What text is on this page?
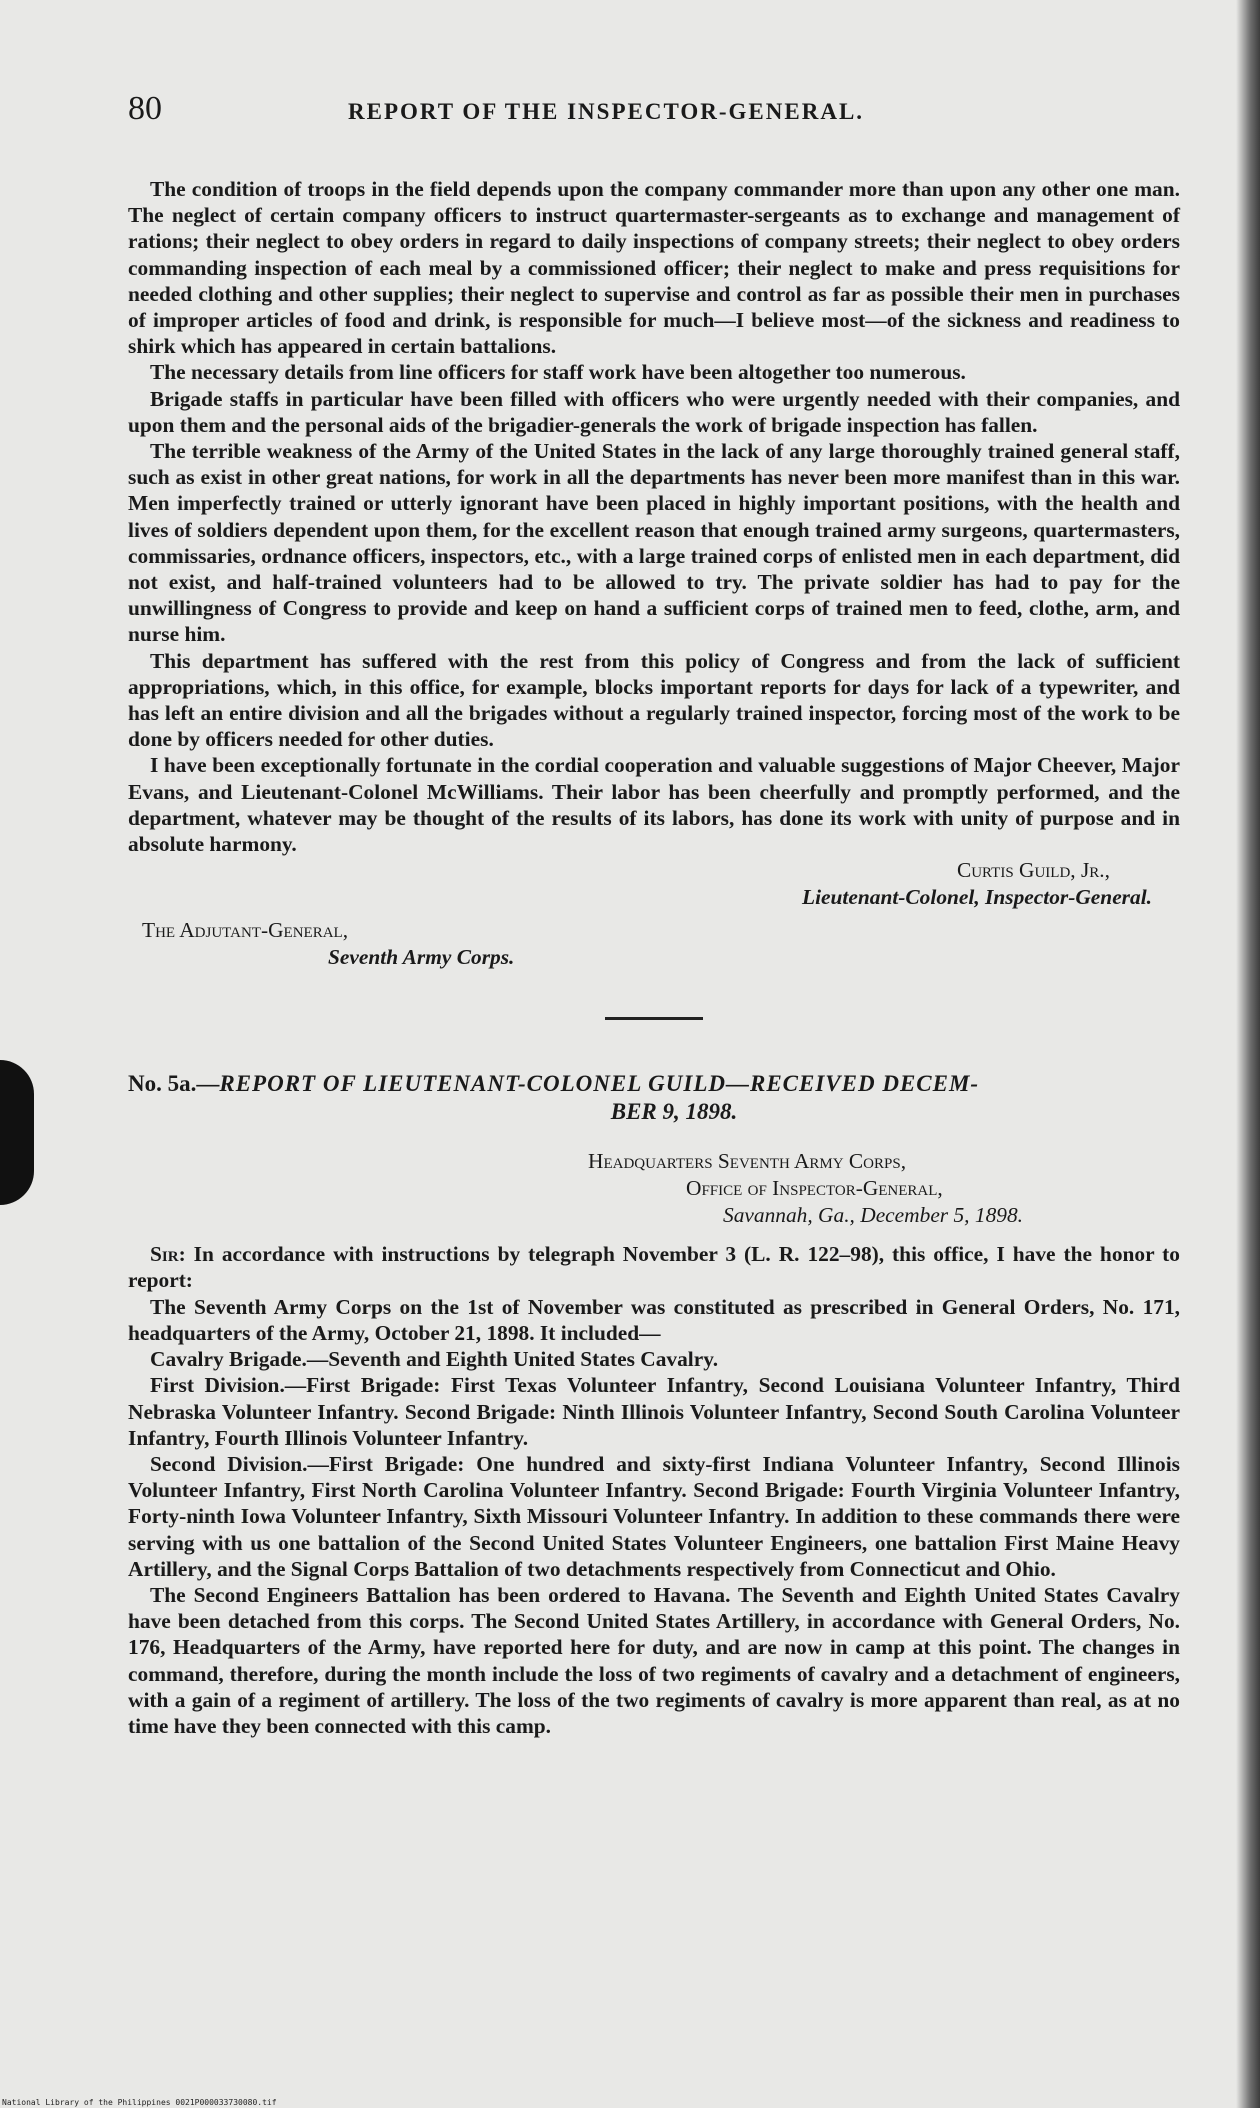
80	REPORT OF THE INSPECTOR-GENERAL.

The condition of troops in the field depends upon the company commander more than upon any other one man. The neglect of certain company officers to instruct quartermaster-sergeants as to exchange and management of rations; their neglect to obey orders in regard to daily inspections of company streets; their neglect to obey orders commanding inspection of each meal by a commissioned officer; their neglect to make and press requisitions for needed clothing and other supplies; their neglect to supervise and control as far as possible their men in purchases of improper articles of food and drink, is responsible for much—I believe most—of the sickness and readiness to shirk which has appeared in certain battalions.

The necessary details from line officers for staff work have been altogether too numerous.

Brigade staffs in particular have been filled with officers who were urgently needed with their companies, and upon them and the personal aids of the brigadier-generals the work of brigade inspection has fallen.

The terrible weakness of the Army of the United States in the lack of any large thoroughly trained general staff, such as exist in other great nations, for work in all the departments has never been more manifest than in this war. Men imperfectly trained or utterly ignorant have been placed in highly important positions, with the health and lives of soldiers dependent upon them, for the excellent reason that enough trained army surgeons, quartermasters, commissaries, ordnance officers, inspectors, etc., with a large trained corps of enlisted men in each department, did not exist, and half-trained volunteers had to be allowed to try. The private soldier has had to pay for the unwillingness of Congress to provide and keep on hand a sufficient corps of trained men to feed, clothe, arm, and nurse him.

This department has suffered with the rest from this policy of Congress and from the lack of sufficient appropriations, which, in this office, for example, blocks important reports for days for lack of a typewriter, and has left an entire division and all the brigades without a regularly trained inspector, forcing most of the work to be done by officers needed for other duties.

I have been exceptionally fortunate in the cordial cooperation and valuable suggestions of Major Cheever, Major Evans, and Lieutenant-Colonel McWilliams. Their labor has been cheerfully and promptly performed, and the department, whatever may be thought of the results of its labors, has done its work with unity of purpose and in absolute harmony.

Curtis Guild, Jr.,

Lieutenant-Colonel, Inspector-General.

The Adjutant-General,

Seventh Army Corps.

No. 5a.—REPORT OF LIEUTENANT-COLONEL GUILD—RECEIVED DECEM-
BER 9, 1898.

Headquarters Seventh Army Corps,

Office of Inspector-General,

Savannah, Ga., December 5, 1898.

Sir: In accordance with instructions by telegraph November 3 (L. R. 122–98), this office, I have the honor to report:

The Seventh Army Corps on the 1st of November was constituted as prescribed in General Orders, No. 171, headquarters of the Army, October 21, 1898. It included—

Cavalry Brigade.—Seventh and Eighth United States Cavalry.

First Division.—First Brigade: First Texas Volunteer Infantry, Second Louisiana Volunteer Infantry, Third Nebraska Volunteer Infantry. Second Brigade: Ninth Illinois Volunteer Infantry, Second South Carolina Volunteer Infantry, Fourth Illinois Volunteer Infantry.

Second Division.—First Brigade: One hundred and sixty-first Indiana Volunteer Infantry, Second Illinois Volunteer Infantry, First North Carolina Volunteer Infantry. Second Brigade: Fourth Virginia Volunteer Infantry, Forty-ninth Iowa Volunteer Infantry, Sixth Missouri Volunteer Infantry. In addition to these commands there were serving with us one battalion of the Second United States Volunteer Engineers, one battalion First Maine Heavy Artillery, and the Signal Corps Battalion of two detachments respectively from Connecticut and Ohio.

The Second Engineers Battalion has been ordered to Havana. The Seventh and Eighth United States Cavalry have been detached from this corps. The Second United States Artillery, in accordance with General Orders, No. 176, Headquarters of the Army, have reported here for duty, and are now in camp at this point. The changes in command, therefore, during the month include the loss of two regiments of cavalry and a detachment of engineers, with a gain of a regiment of artillery. The loss of the two regiments of cavalry is more apparent than real, as at no time have they been connected with this camp.

National Library of the Philippines 0021P000033730080.tif
